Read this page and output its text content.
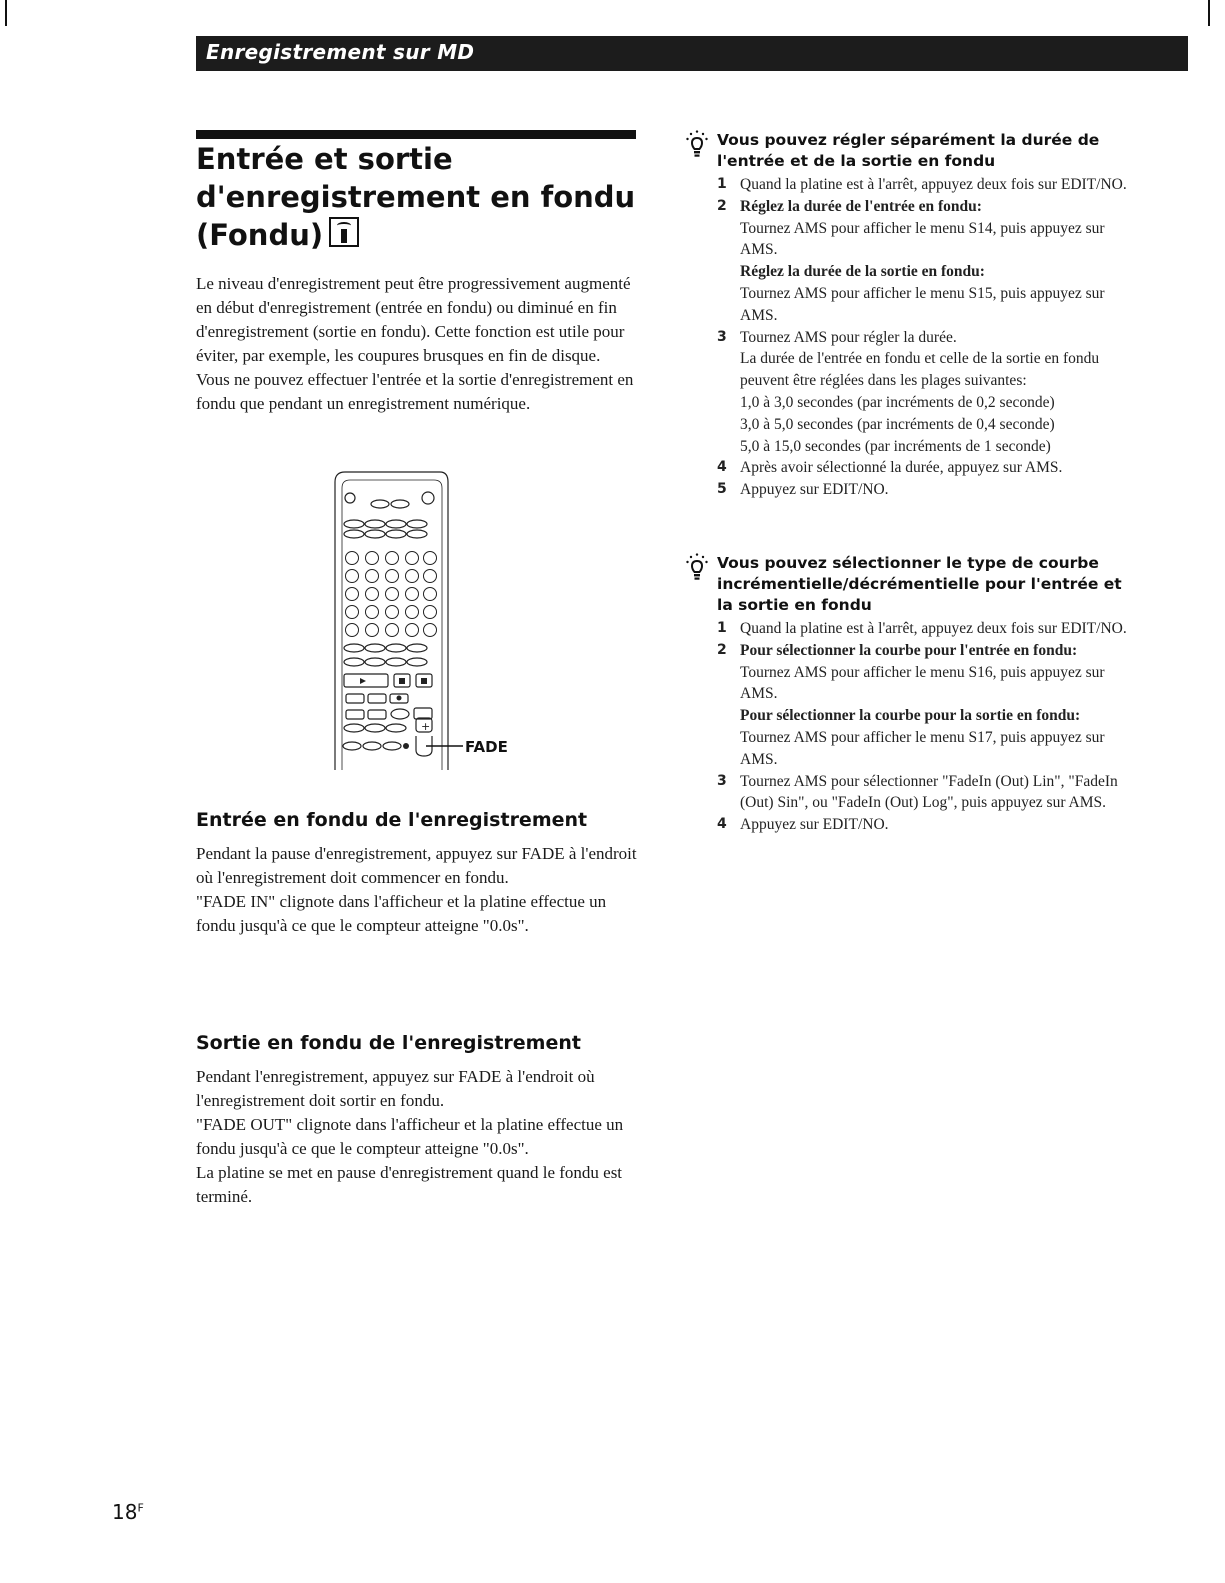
Enregistrement sur MD
Entrée et sortie
d'enregistrement en fondu
(Fondu)

Le niveau d'enregistrement peut être progressivement augmenté en début d'enregistrement (entrée en fondu) ou diminué en fin d'enregistrement (sortie en fondu). Cette fonction est utile pour éviter, par exemple, les coupures brusques en fin de disque.

Vous ne pouvez effectuer l'entrée et la sortie d'enregistrement en fondu que pendant un enregistrement numérique.

+
FADE
Entrée en fondu de l'enregistrement

Pendant la pause d'enregistrement, appuyez sur FADE à l'endroit où l'enregistrement doit commencer en fondu.

"FADE IN" clignote dans l'afficheur et la platine effectue un fondu jusqu'à ce que le compteur atteigne "0.0s".

Sortie en fondu de l'enregistrement

Pendant l'enregistrement, appuyez sur FADE à l'endroit où l'enregistrement doit sortir en fondu.

"FADE OUT" clignote dans l'afficheur et la platine effectue un fondu jusqu'à ce que le compteur atteigne "0.0s".

La platine se met en pause d'enregistrement quand le fondu est terminé.

Vous pouvez régler séparément la durée de l'entrée et de la sortie en fondu

1 Quand la platine est à l'arrêt, appuyez deux fois sur EDIT/NO.
2 Réglez la durée de l'entrée en fondu:
Tournez AMS pour afficher le menu S14, puis appuyez sur AMS.
Réglez la durée de la sortie en fondu:
Tournez AMS pour afficher le menu S15, puis appuyez sur AMS.
3 Tournez AMS pour régler la durée.
La durée de l'entrée en fondu et celle de la sortie en fondu peuvent être réglées dans les plages suivantes:
1,0 à 3,0 secondes (par incréments de 0,2 seconde)
3,0 à 5,0 secondes (par incréments de 0,4 seconde)
5,0 à 15,0 secondes (par incréments de 1 seconde)
4 Après avoir sélectionné la durée, appuyez sur AMS.
5 Appuyez sur EDIT/NO.

Vous pouvez sélectionner le type de courbe incrémentielle/décrémentielle pour l'entrée et la sortie en fondu

1 Quand la platine est à l'arrêt, appuyez deux fois sur EDIT/NO.
2 Pour sélectionner la courbe pour l'entrée en fondu:
Tournez AMS pour afficher le menu S16, puis appuyez sur AMS.
Pour sélectionner la courbe pour la sortie en fondu:
Tournez AMS pour afficher le menu S17, puis appuyez sur AMS.
3 Tournez AMS pour sélectionner "FadeIn (Out) Lin", "FadeIn (Out) Sin", ou "FadeIn (Out) Log", puis appuyez sur AMS.
4 Appuyez sur EDIT/NO.
$18^F$
